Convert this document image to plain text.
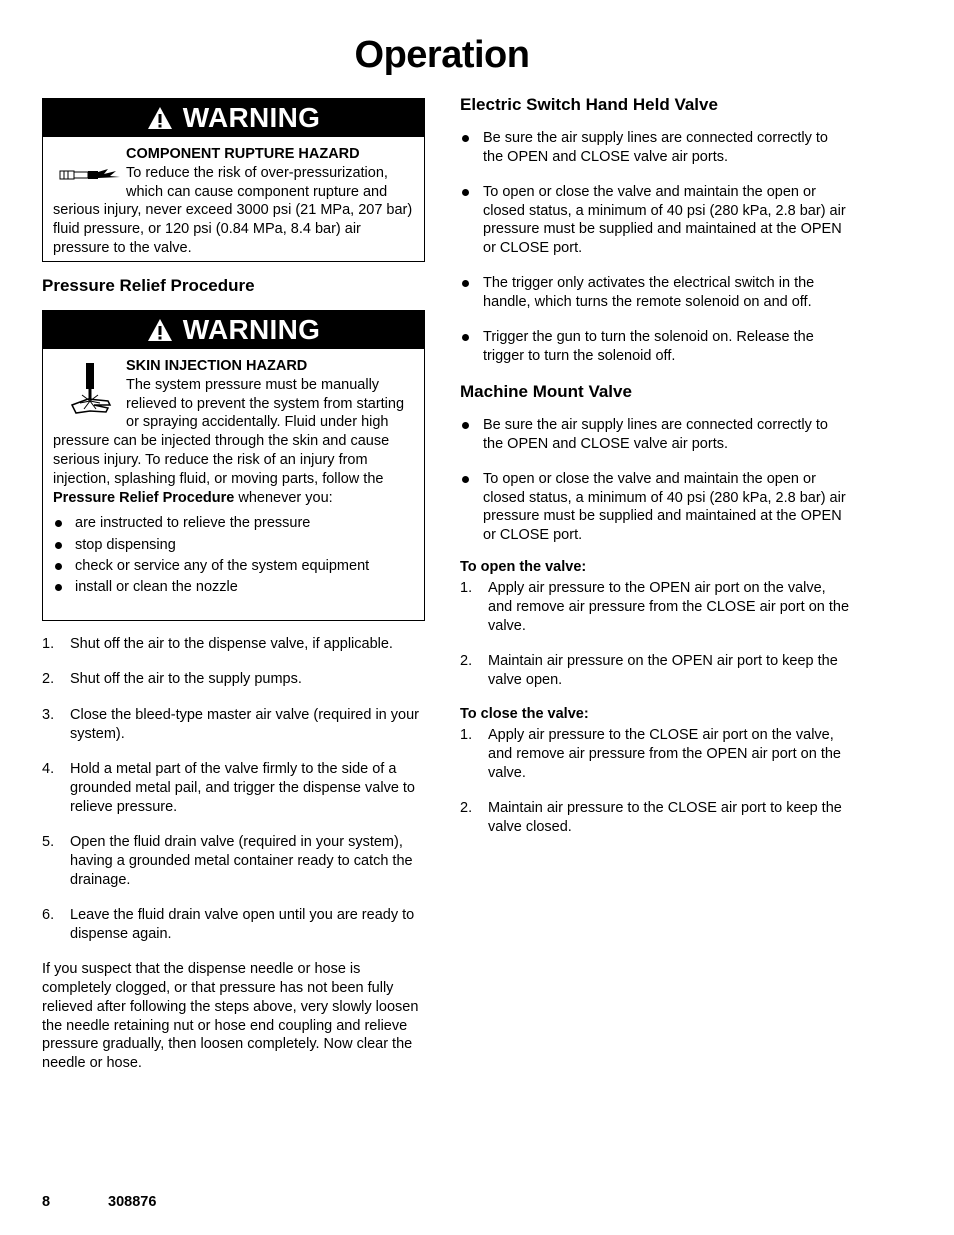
Operation
WARNING
COMPONENT RUPTURE HAZARD

To reduce the risk of over-pressurization, which can cause component rupture and serious injury, never exceed 3000 psi (21 MPa, 207 bar) fluid pressure, or 120 psi (0.84 MPa, 8.4 bar) air pressure to the valve.

Pressure Relief Procedure
WARNING
SKIN INJECTION HAZARD

The system pressure must be manually relieved to prevent the system from starting or spraying accidentally. Fluid under high pressure can be injected through the skin and cause serious injury. To reduce the risk of an injury from injection, splashing fluid, or moving parts, follow the Pressure Relief Procedure whenever you:

are instructed to relieve the pressure
stop dispensing
check or service any of the system equipment
install or clean the nozzle
1. Shut off the air to the dispense valve, if applicable.
2. Shut off the air to the supply pumps.
3. Close the bleed-type master air valve (required in your system).
4. Hold a metal part of the valve firmly to the side of a grounded metal pail, and trigger the dispense valve to relieve pressure.
5. Open the fluid drain valve (required in your system), having a grounded metal container ready to catch the drainage.
6. Leave the fluid drain valve open until you are ready to dispense again.

If you suspect that the dispense needle or hose is completely clogged, or that pressure has not been fully relieved after following the steps above, very slowly loosen the needle retaining nut or hose end coupling and relieve pressure gradually, then loosen completely. Now clear the needle or hose.

Electric Switch Hand Held Valve
Be sure the air supply lines are connected correctly to the OPEN and CLOSE valve air ports.
To open or close the valve and maintain the open or closed status, a minimum of 40 psi (280 kPa, 2.8 bar) air pressure must be supplied and maintained at the OPEN or CLOSE port.
The trigger only activates the electrical switch in the handle, which turns the remote solenoid on and off.
Trigger the gun to turn the solenoid on. Release the trigger to turn the solenoid off.
Machine Mount Valve
Be sure the air supply lines are connected correctly to the OPEN and CLOSE valve air ports.
To open or close the valve and maintain the open or closed status, a minimum of 40 psi (280 kPa, 2.8 bar) air pressure must be supplied and maintained at the OPEN or CLOSE port.

To open the valve:

1. Apply air pressure to the OPEN air port on the valve, and remove air pressure from the CLOSE air port on the valve.
2. Maintain air pressure on the OPEN air port to keep the valve open.

To close the valve:

1. Apply air pressure to the CLOSE air port on the valve, and remove air pressure from the OPEN air port on the valve.
2. Maintain air pressure to the CLOSE air port to keep the valve closed.
8	308876
